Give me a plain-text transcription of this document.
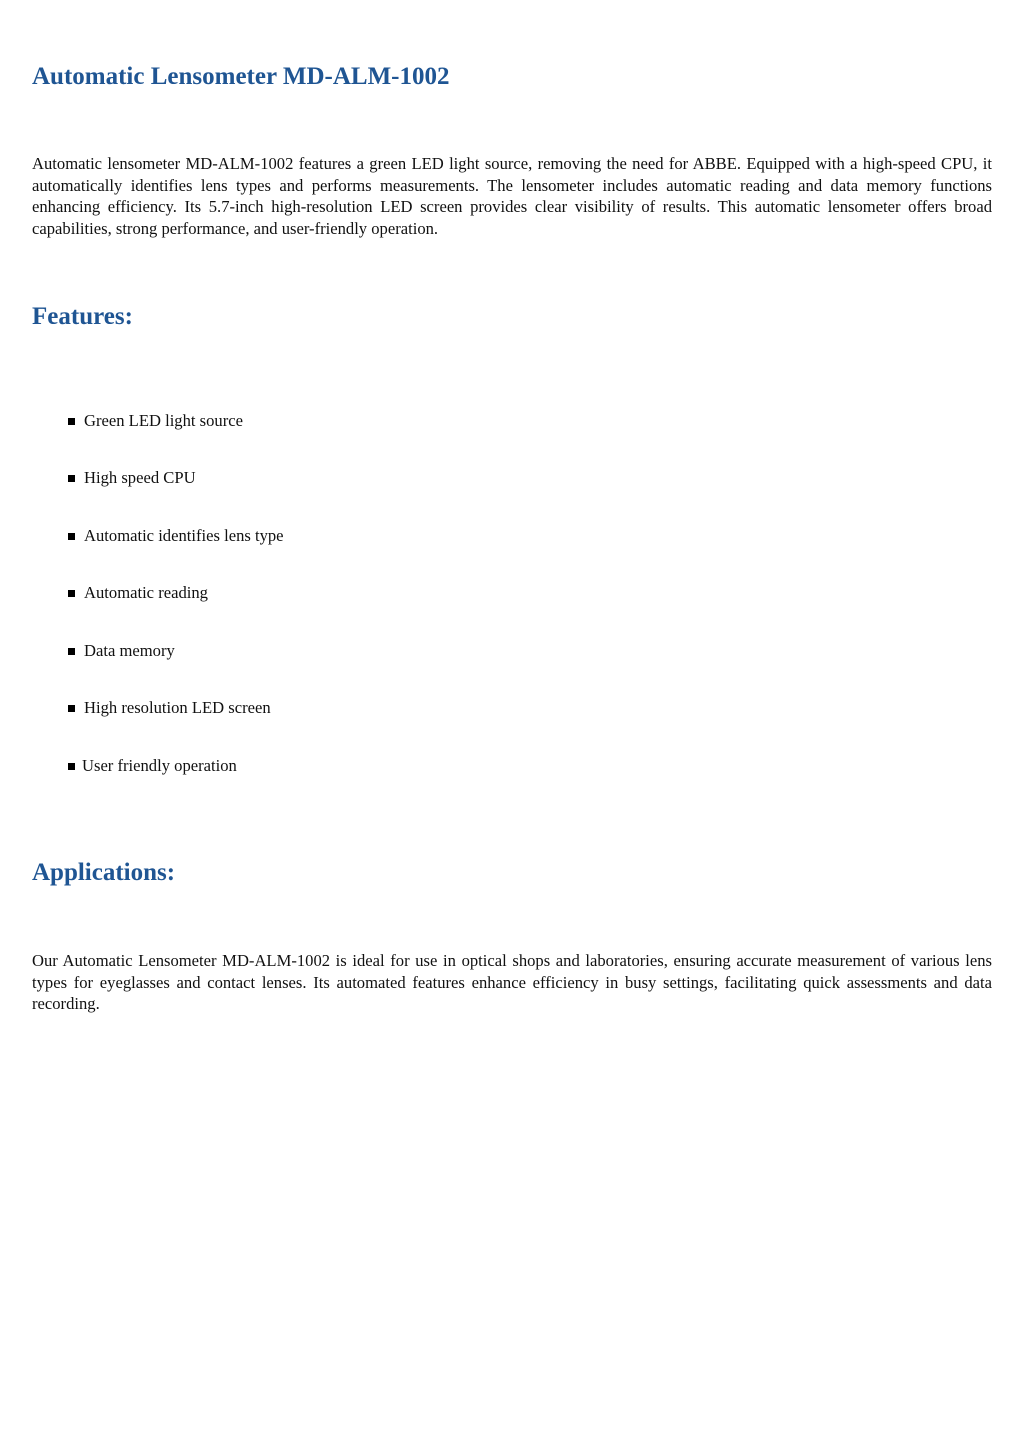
Automatic Lensometer MD-ALM-1002

Automatic lensometer MD-ALM-1002 features a green LED light source, removing the need for ABBE. Equipped with a high-speed CPU, it automatically identifies lens types and performs measurements. The lensometer includes automatic reading and data memory functions enhancing efficiency. Its 5.7-inch high-resolution LED screen provides clear visibility of results. This automatic lensometer offers broad capabilities, strong performance, and user-friendly operation.

Features:
Green LED light source
High speed CPU
Automatic identifies lens type
Automatic reading
Data memory
High resolution LED screen
User friendly operation
Applications:

Our Automatic Lensometer MD-ALM-1002 is ideal for use in optical shops and laboratories, ensuring accurate measurement of various lens types for eyeglasses and contact lenses. Its automated features enhance efficiency in busy settings, facilitating quick assessments and data recording.
